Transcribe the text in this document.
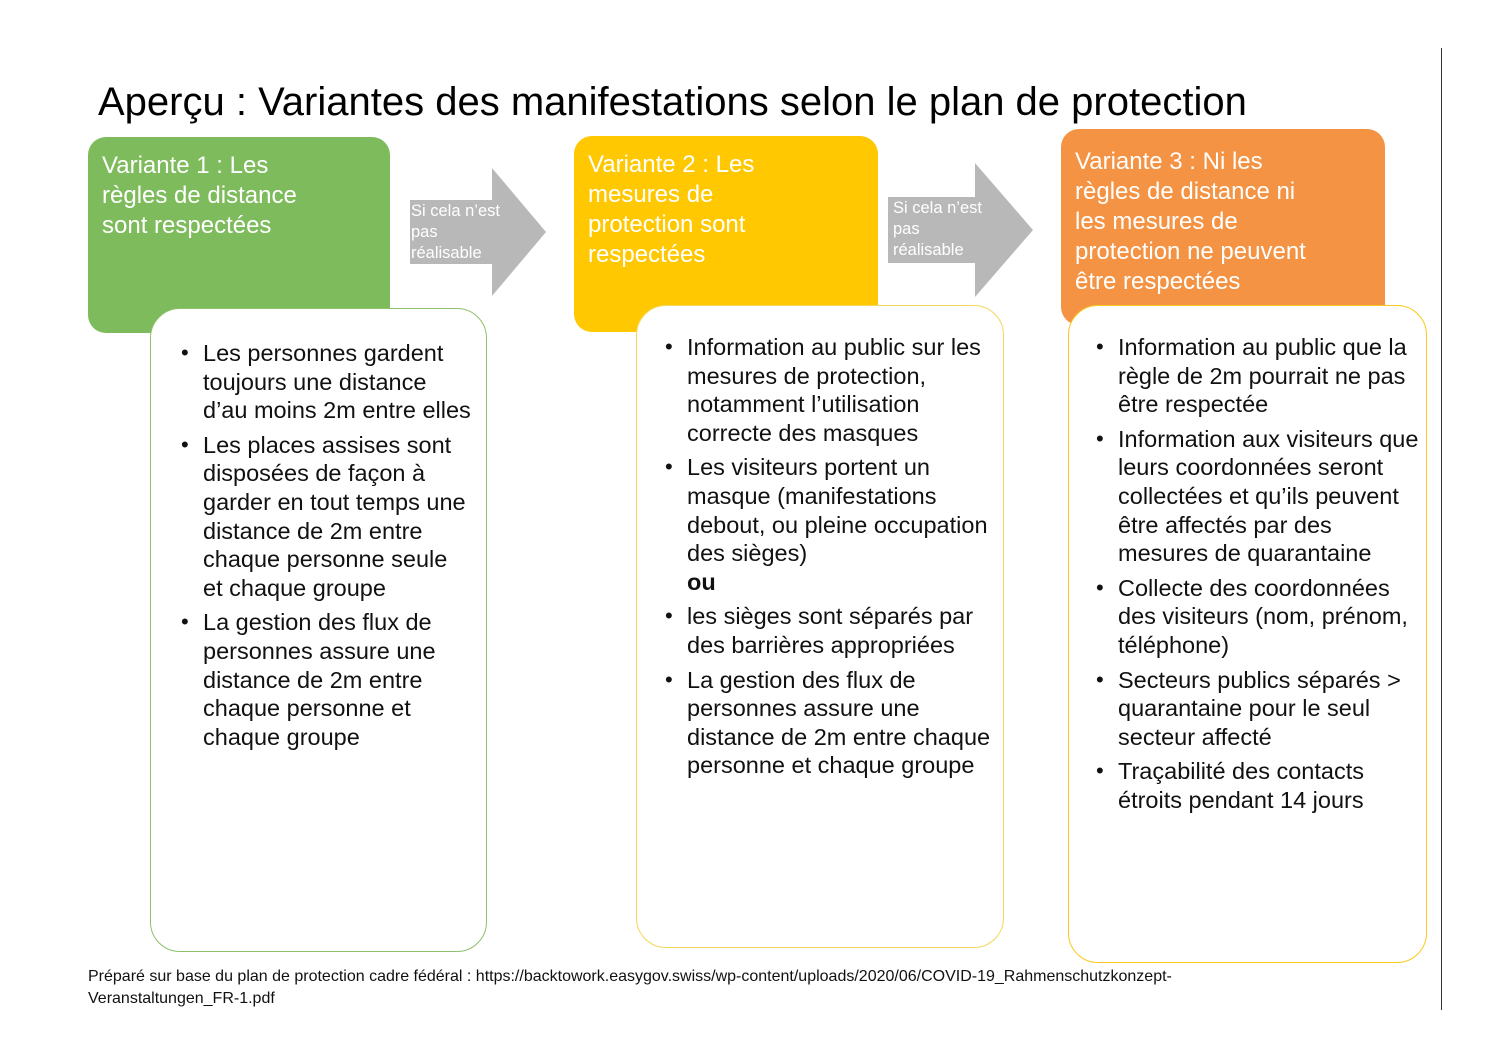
Aperçu : Variantes des manifestations selon le plan de protection
Variante 1 : Les
règles de distance
sont respectées
• Les personnes gardent toujours une distance d’au moins 2m entre elles
• Les places assises sont disposées de façon à garder en tout temps une distance de 2m entre chaque personne seule et chaque groupe
• La gestion des flux de personnes assure une distance de 2m entre chaque personne et chaque groupe
Si cela n’est
pas
réalisable
Variante 2 : Les
mesures de
protection sont
respectées
• Information au public sur les mesures de protection, notamment l’utilisation correcte des masques
• Les visiteurs portent un masque (manifestations debout, ou pleine occupation des sièges)
ou
• les sièges sont séparés par des barrières appropriées
• La gestion des flux de personnes assure une distance de 2m entre chaque personne et chaque groupe
Si cela n’est
pas
réalisable
Variante 3 : Ni les
règles de distance ni
les mesures de
protection ne peuvent
être respectées
• Information au public que la règle de 2m pourrait ne pas être respectée
• Information aux visiteurs que leurs coordonnées seront collectées et qu’ils peuvent être affectés par des mesures de quarantaine
• Collecte des coordonnées des visiteurs (nom, prénom, téléphone)
• Secteurs publics séparés > quarantaine pour le seul secteur affecté
• Traçabilité des contacts étroits pendant 14 jours
Préparé sur base du plan de protection cadre fédéral : https://backtowork.easygov.swiss/wp-content/uploads/2020/06/COVID-19_Rahmenschutzkonzept-
Veranstaltungen_FR-1.pdf
